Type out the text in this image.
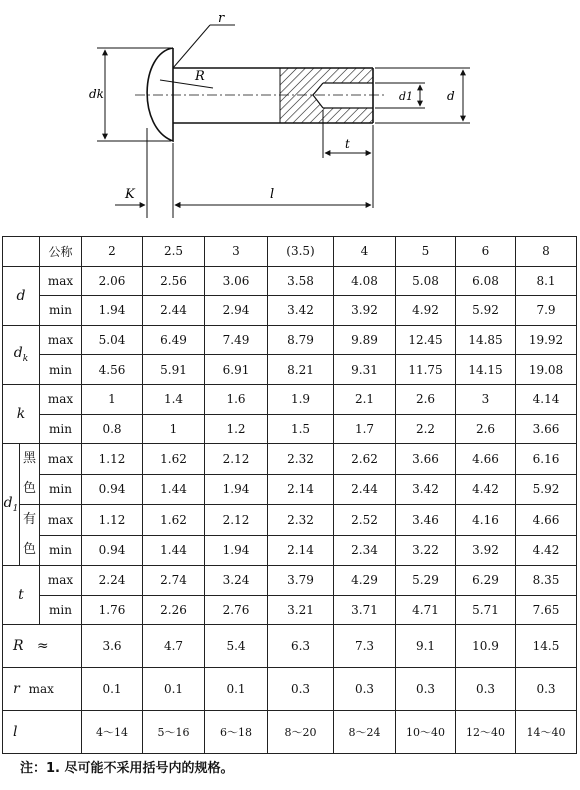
r
R
dk	d1	d
t
K	l
		公称	2	2.5	3	(3.5)	4	5	6	8
d		max	2.06	2.56	3.06	3.58	4.08	5.08	6.08	8.1
		min	1.94	2.44	2.94	3.42	3.92	4.92	5.92	7.9
$d_k$		max	5.04	6.49	7.49	8.79	9.89	12.45	14.85	19.92
		min	4.56	5.91	6.91	8.21	9.31	11.75	14.15	19.08
k		max	1	1.4	1.6	1.9	2.1	2.6	3	4.14
		min	0.8	1	1.2	1.5	1.7	2.2	2.6	3.66
$d_1$	黑色	max	1.12	1.62	2.12	2.32	2.62	3.66	4.66	6.16
		min	0.94	1.44	1.94	2.14	2.44	3.42	4.42	5.92
	有色	max	1.12	1.62	2.12	2.32	2.52	3.46	4.16	4.66
		min	0.94	1.44	1.94	2.14	2.34	3.22	3.92	4.42
t		max	2.24	2.74	3.24	3.79	4.29	5.29	6.29	8.35
		min	1.76	2.26	2.76	3.21	3.71	4.71	5.71	7.65
R ≈			3.6	4.7	5.4	6.3	7.3	9.1	10.9	14.5
r max			0.1	0.1	0.1	0.3	0.3	0.3	0.3	0.3
l			4～14	5～16	6～18	8～20	8～24	10～40	12～40	14～40
注：1. 尽可能不采用括号内的规格。
